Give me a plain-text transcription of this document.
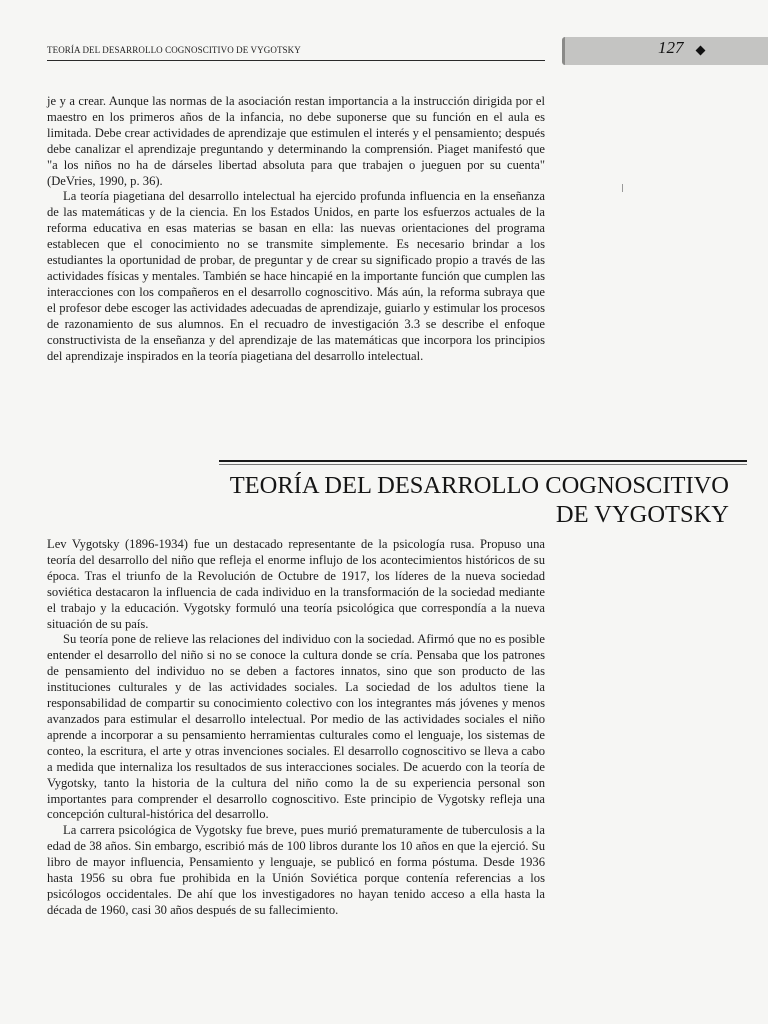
TEORÍA DEL DESARROLLO COGNOSCITIVO DE VYGOTSKY	127

je y a crear. Aunque las normas de la asociación restan importancia a la instrucción dirigida por el maestro en los primeros años de la infancia, no debe suponerse que su función en el aula es limitada. Debe crear actividades de aprendizaje que estimulen el interés y el pensamiento; después debe canalizar el aprendizaje preguntando y determinando la comprensión. Piaget manifestó que "a los niños no ha de dárseles libertad absoluta para que trabajen o jueguen por su cuenta" (DeVries, 1990, p. 36).

La teoría piagetiana del desarrollo intelectual ha ejercido profunda influencia en la enseñanza de las matemáticas y de la ciencia. En los Estados Unidos, en parte los esfuerzos actuales de la reforma educativa en esas materias se basan en ella: las nuevas orientaciones del programa establecen que el conocimiento no se transmite simplemente. Es necesario brindar a los estudiantes la oportunidad de probar, de preguntar y de crear su significado propio a través de las actividades físicas y mentales. También se hace hincapié en la importante función que cumplen las interacciones con los compañeros en el desarrollo cognoscitivo. Más aún, la reforma subraya que el profesor debe escoger las actividades adecuadas de aprendizaje, guiarlo y estimular los procesos de razonamiento de sus alumnos. En el recuadro de investigación 3.3 se describe el enfoque constructivista de la enseñanza y del aprendizaje de las matemáticas que incorpora los principios del aprendizaje inspirados en la teoría piagetiana del desarrollo intelectual.

TEORÍA DEL DESARROLLO COGNOSCITIVO
DE VYGOTSKY

Lev Vygotsky (1896-1934) fue un destacado representante de la psicología rusa. Propuso una teoría del desarrollo del niño que refleja el enorme influjo de los acontecimientos históricos de su época. Tras el triunfo de la Revolución de Octubre de 1917, los líderes de la nueva sociedad soviética destacaron la influencia de cada individuo en la transformación de la sociedad mediante el trabajo y la educación. Vygotsky formuló una teoría psicológica que correspondía a la nueva situación de su país.

Su teoría pone de relieve las relaciones del individuo con la sociedad. Afirmó que no es posible entender el desarrollo del niño si no se conoce la cultura donde se cría. Pensaba que los patrones de pensamiento del individuo no se deben a factores innatos, sino que son producto de las instituciones culturales y de las actividades sociales. La sociedad de los adultos tiene la responsabilidad de compartir su conocimiento colectivo con los integrantes más jóvenes y menos avanzados para estimular el desarrollo intelectual. Por medio de las actividades sociales el niño aprende a incorporar a su pensamiento herramientas culturales como el lenguaje, los sistemas de conteo, la escritura, el arte y otras invenciones sociales. El desarrollo cognoscitivo se lleva a cabo a medida que internaliza los resultados de sus interacciones sociales. De acuerdo con la teoría de Vygotsky, tanto la historia de la cultura del niño como la de su experiencia personal son importantes para comprender el desarrollo cognoscitivo. Este principio de Vygotsky refleja una concepción cultural-histórica del desarrollo.

La carrera psicológica de Vygotsky fue breve, pues murió prematuramente de tuberculosis a la edad de 38 años. Sin embargo, escribió más de 100 libros durante los 10 años en que la ejerció. Su libro de mayor influencia, Pensamiento y lenguaje, se publicó en forma póstuma. Desde 1936 hasta 1956 su obra fue prohibida en la Unión Soviética porque contenía referencias a los psicólogos occidentales. De ahí que los investigadores no hayan tenido acceso a ella hasta la década de 1960, casi 30 años después de su fallecimiento.
